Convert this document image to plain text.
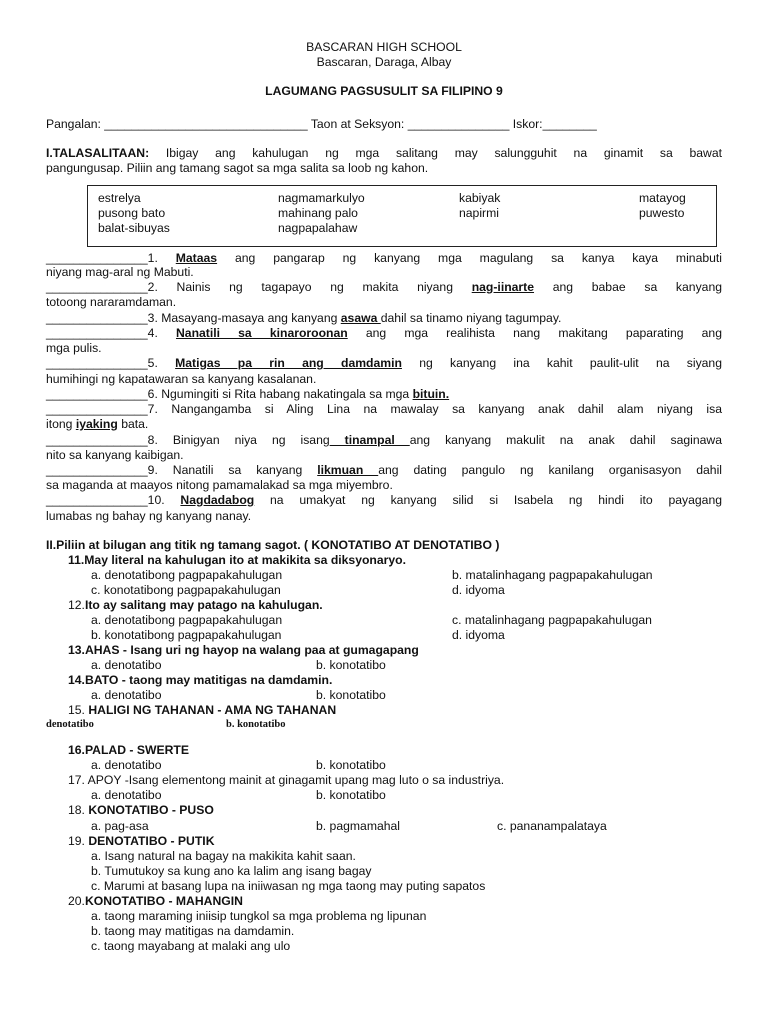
BASCARAN HIGH SCHOOL
Bascaran, Daraga, Albay
LAGUMANG PAGSUSULIT SA FILIPINO 9
Pangalan: ______________________________ Taon at Seksyon: _______________ Iskor:________
I.TALASALITAAN: Ibigay ang kahulugan ng mga salitang may salungguhit na ginamit sa bawat
pangungusap. Piliin ang tamang sagot sa mga salita sa loob ng kahon.
estrelya	nagmamarkulyo	kabiyak	matayog
pusong bato	mahinang palo	napirmi	puwesto
balat-sibuyas	nagpapalahaw
_______________1. Mataas ang pangarap ng kanyang mga magulang sa kanya kaya minabuti
niyang mag-aral ng Mabuti.
_______________2. Nainis ng tagapayo ng makita niyang nag-iinarte ang babae sa kanyang
totoong nararamdaman.
_______________3. Masayang-masaya ang kanyang asawa dahil sa tinamo niyang tagumpay.
_______________4. Nanatili sa kinaroroonan ang mga realihista nang makitang paparating ang
mga pulis.
_______________5. Matigas pa rin ang damdamin ng kanyang ina kahit paulit-ulit na siyang
humihingi ng kapatawaran sa kanyang kasalanan.
_______________6. Ngumingiti si Rita habang nakatingala sa mga bituin.
_______________7. Nangangamba si Aling Lina na mawalay sa kanyang anak dahil alam niyang isa
itong iyaking bata.
_______________8. Binigyan niya ng isang tinampal ang kanyang makulit na anak dahil saginawa
nito sa kanyang kaibigan.
_______________9. Nanatili sa kanyang likmuan ang dating pangulo ng kanilang organisasyon dahil
sa maganda at maayos nitong pamamalakad sa mga miyembro.
_______________10. Nagdadabog na umakyat ng kanyang silid si Isabela ng hindi ito payagang
lumabas ng bahay ng kanyang nanay.
II.Piliin at bilugan ang titik ng tamang sagot. ( KONOTATIBO AT DENOTATIBO )
11.May literal na kahulugan ito at makikita sa diksyonaryo.
a. denotatibong pagpapakahulugan	b. matalinhagang pagpapakahulugan
c. konotatibong pagpapakahulugan	d. idyoma
12.Ito ay salitang may patago na kahulugan.
a. denotatibong pagpapakahulugan	c. matalinhagang pagpapakahulugan
b. konotatibong pagpapakahulugan	d. idyoma
13.AHAS - Isang uri ng hayop na walang paa at gumagapang
a. denotatibo	b. konotatibo
14.BATO - taong may matitigas na damdamin.
a. denotatibo	b. konotatibo
15. HALIGI NG TAHANAN - AMA NG TAHANAN
denotatibo	b. konotatibo
16.PALAD - SWERTE
a. denotatibo	b. konotatibo
17. APOY -Isang elementong mainit at ginagamit upang mag luto o sa industriya.
a. denotatibo	b. konotatibo
18. KONOTATIBO - PUSO
a. pag-asa	b. pagmamahal	c. pananampalataya
19. DENOTATIBO - PUTIK
a. Isang natural na bagay na makikita kahit saan.
b. Tumutukoy sa kung ano ka lalim ang isang bagay
c. Marumi at basang lupa na iniiwasan ng mga taong may puting sapatos
20.KONOTATIBO - MAHANGIN
a. taong maraming iniisip tungkol sa mga problema ng lipunan
b. taong may matitigas na damdamin.
c. taong mayabang at malaki ang ulo
